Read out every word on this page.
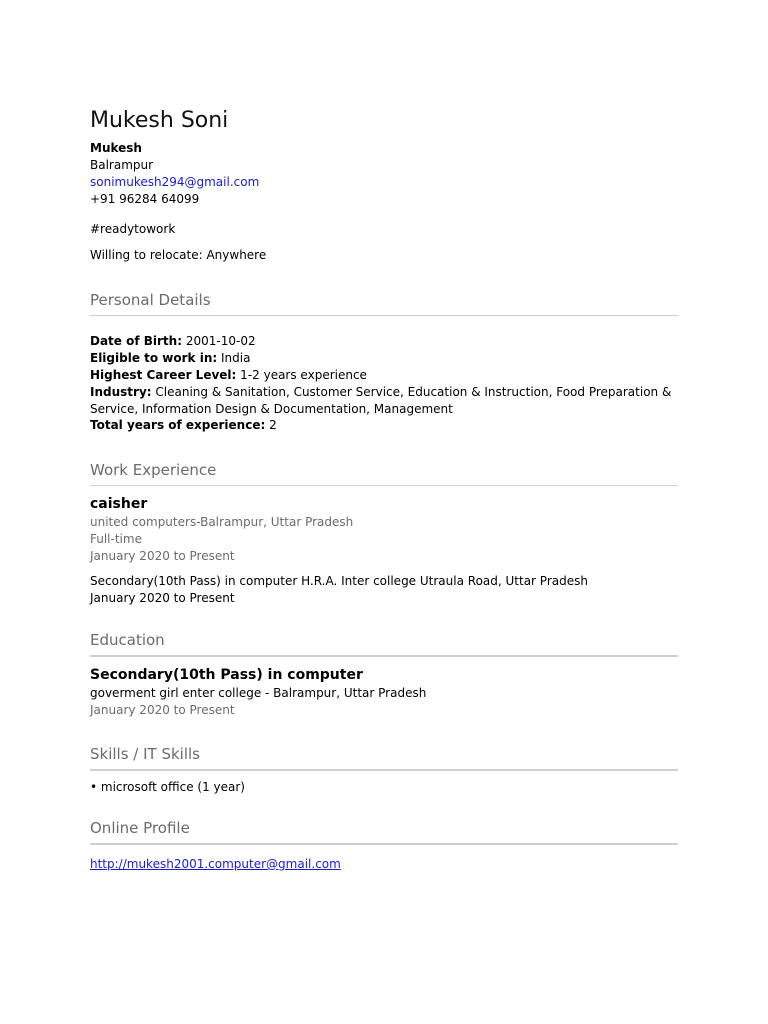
Mukesh Soni
Mukesh
Balrampur
sonimukesh294@gmail.com
+91 96284 64099
#readytowork
Willing to relocate: Anywhere
Personal Details
Date of Birth: 2001-10-02
Eligible to work in: India
Highest Career Level: 1-2 years experience
Industry: Cleaning & Sanitation, Customer Service, Education & Instruction, Food Preparation & Service, Information Design & Documentation, Management
Total years of experience: 2
Work Experience
caisher
united computers-Balrampur, Uttar Pradesh
Full-time
January 2020 to Present
Secondary(10th Pass) in computer H.R.A. Inter college Utraula Road, Uttar Pradesh
January 2020 to Present
Education
Secondary(10th Pass) in computer
goverment girl enter college - Balrampur, Uttar Pradesh
January 2020 to Present
Skills / IT Skills
• microsoft office (1 year)
Online Profile
http://mukesh2001.computer@gmail.com
